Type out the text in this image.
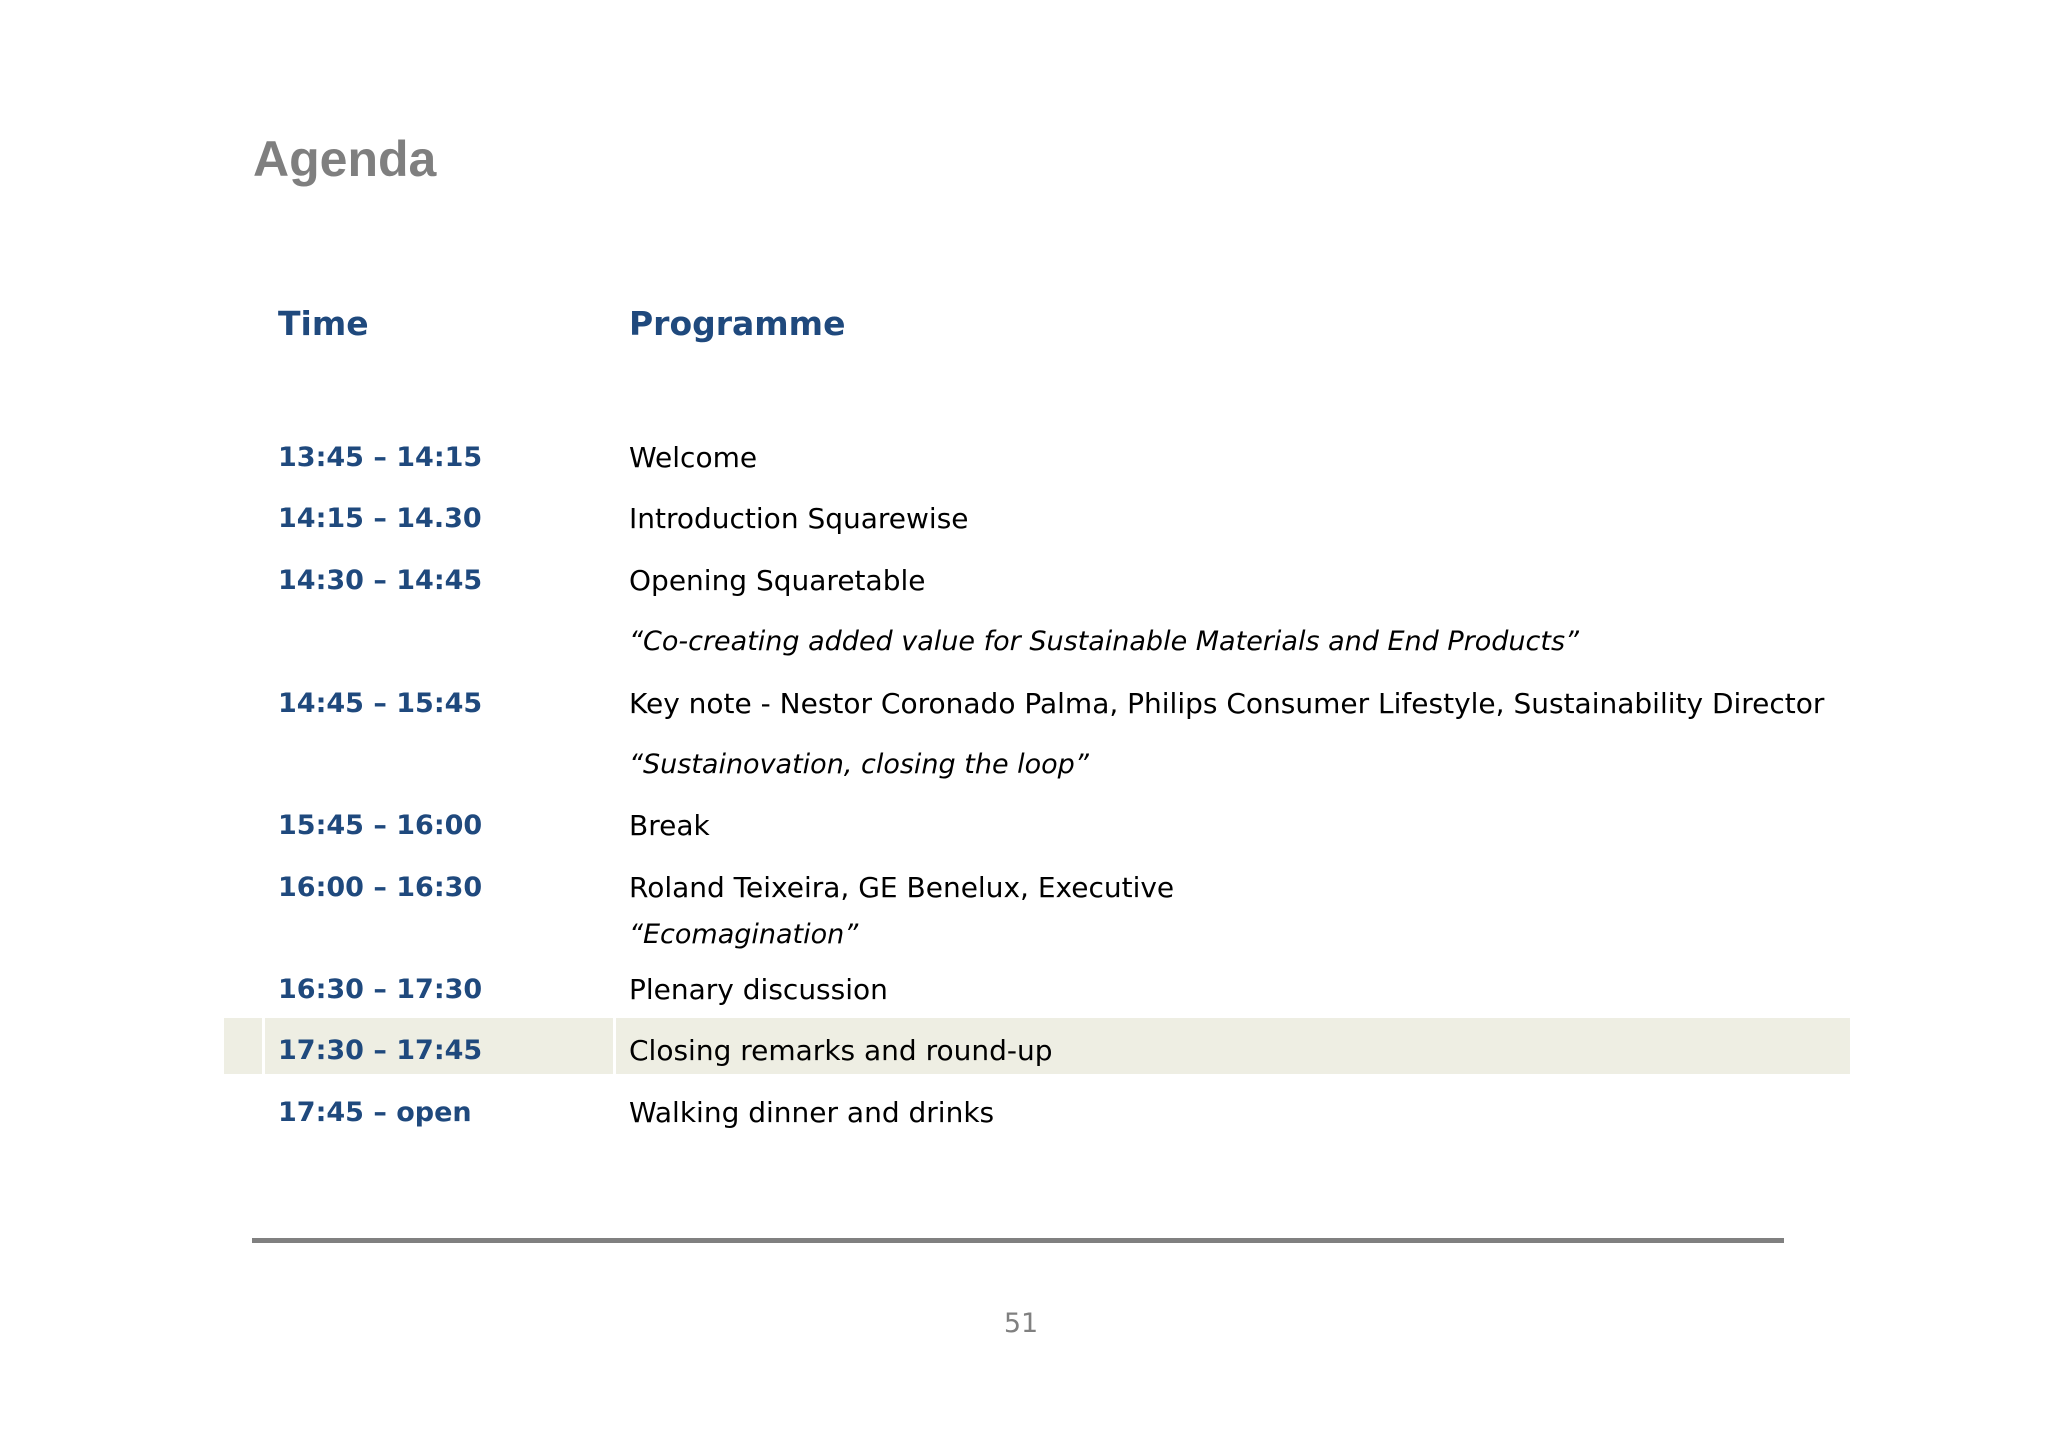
Agenda
Time	Programme
13:45 – 14:15	Welcome
14:15 – 14.30	Introduction Squarewise
14:30 – 14:45	Opening Squaretable
“Co-creating added value for Sustainable Materials and End Products”
14:45 – 15:45	Key note - Nestor Coronado Palma, Philips Consumer Lifestyle, Sustainability Director
“Sustainovation, closing the loop”
15:45 – 16:00	Break
16:00 – 16:30	Roland Teixeira, GE Benelux, Executive
“Ecomagination”
16:30 – 17:30	Plenary discussion
17:30 – 17:45	Closing remarks and round-up
17:45 – open	Walking dinner and drinks
51
